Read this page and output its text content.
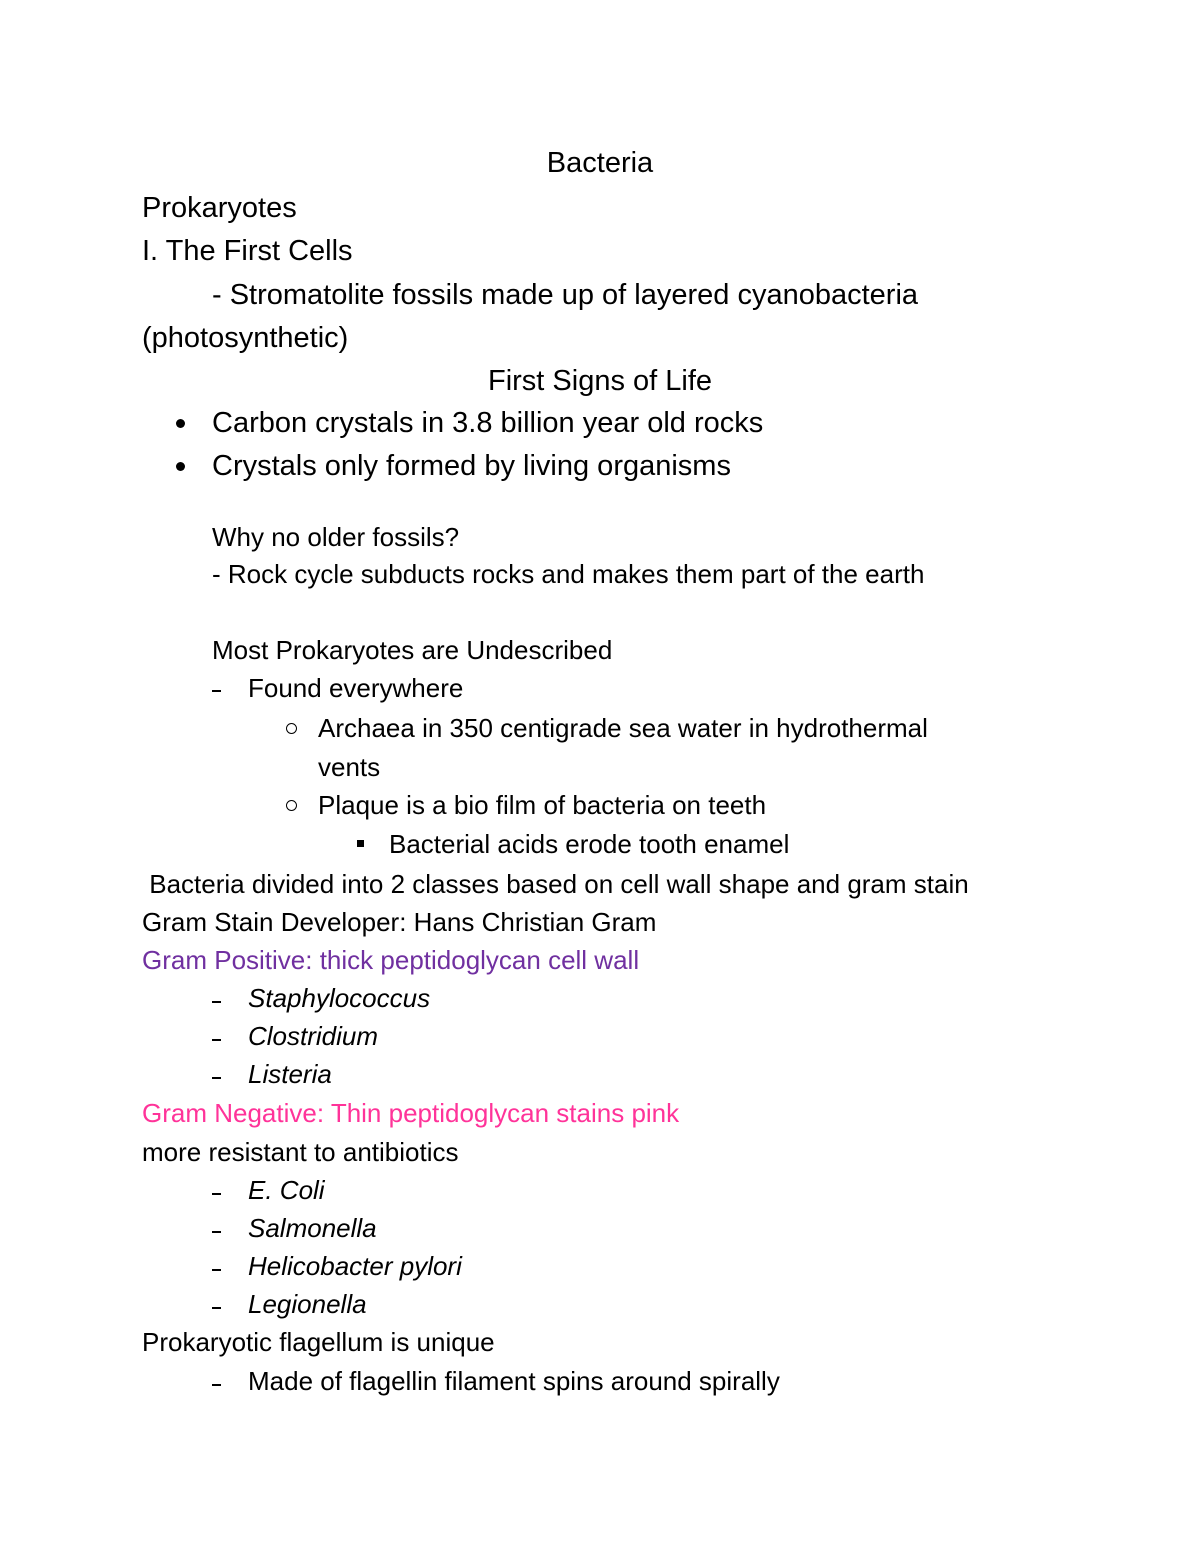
Bacteria
Prokaryotes
I. The First Cells
- Stromatolite fossils made up of layered cyanobacteria
(photosynthetic)
First Signs of Life
Carbon crystals in 3.8 billion year old rocks
Crystals only formed by living organisms
Why no older fossils?
- Rock cycle subducts rocks and makes them part of the earth
Most Prokaryotes are Undescribed
Found everywhere
Archaea in 350 centigrade sea water in hydrothermal
vents
Plaque is a bio film of bacteria on teeth
Bacterial acids erode tooth enamel
Bacteria divided into 2 classes based on cell wall shape and gram stain
Gram Stain Developer: Hans Christian Gram
Gram Positive: thick peptidoglycan cell wall
Staphylococcus
Clostridium
Listeria
Gram Negative: Thin peptidoglycan stains pink
more resistant to antibiotics
E. Coli
Salmonella
Helicobacter pylori
Legionella
Prokaryotic flagellum is unique
Made of flagellin filament spins around spirally
